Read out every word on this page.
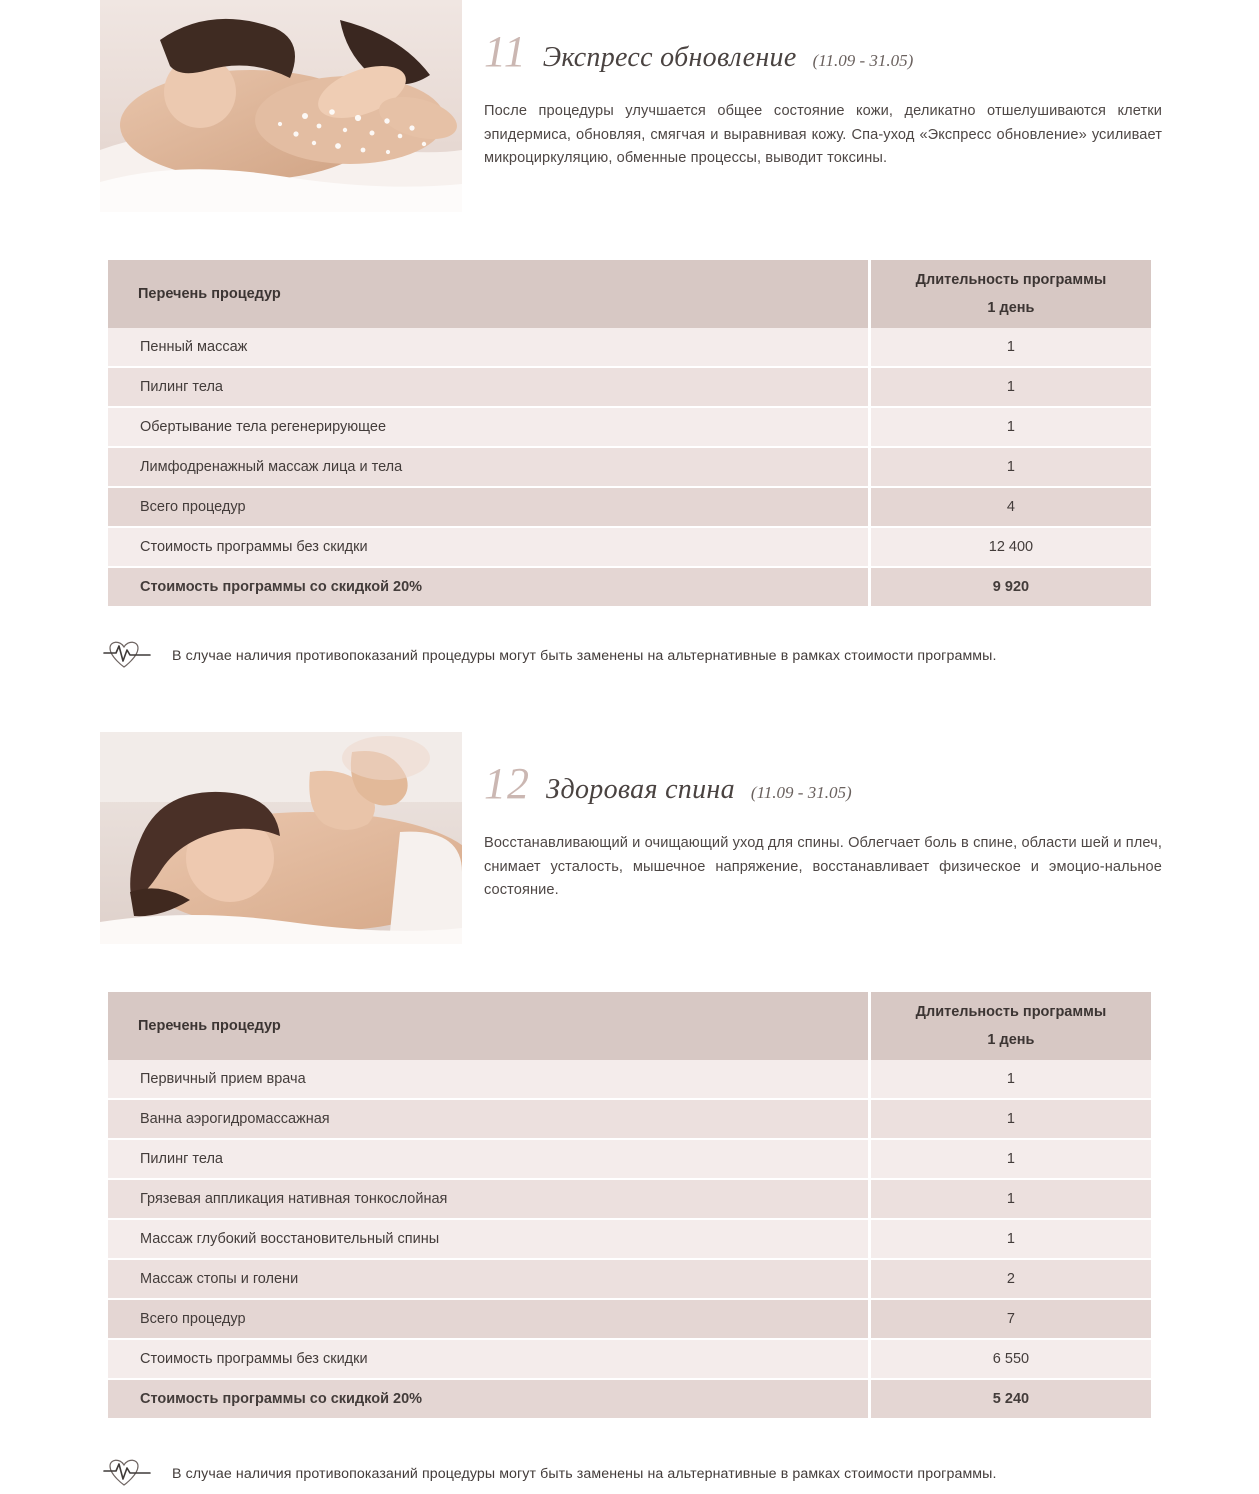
11 Экспресс обновление (11.09 - 31.05)
После процедуры улучшается общее состояние кожи, деликатно отшелушиваются клетки эпидермиса, обновляя, смягчая и выравнивая кожу. Спа-уход «Экспресс обновление» усиливает микроциркуляцию, обменные процессы, выводит токсины.
Перечень процедур	Длительность программы
	1 день
Пенный массаж	1
Пилинг тела	1
Обертывание тела регенерирующее	1
Лимфодренажный массаж лица и тела	1
Всего процедур	4
Стоимость программы без скидки	12 400
Стоимость программы со скидкой 20%	9 920
В случае наличия противопоказаний процедуры могут быть заменены на альтернативные в рамках стоимости программы.
12 Здоровая спина (11.09 - 31.05)
Восстанавливающий и очищающий уход для спины. Облегчает боль в спине, области шей и плеч, снимает усталость, мышечное напряжение, восстанавливает физическое и эмоцио-нальное состояние.
Перечень процедур	Длительность программы
	1 день
Первичный прием врача	1
Ванна аэрогидромассажная	1
Пилинг тела	1
Грязевая аппликация нативная тонкослойная	1
Массаж глубокий восстановительный спины	1
Массаж стопы и голени	2
Всего процедур	7
Стоимость программы без скидки	6 550
Стоимость программы со скидкой 20%	5 240
В случае наличия противопоказаний процедуры могут быть заменены на альтернативные в рамках стоимости программы.
